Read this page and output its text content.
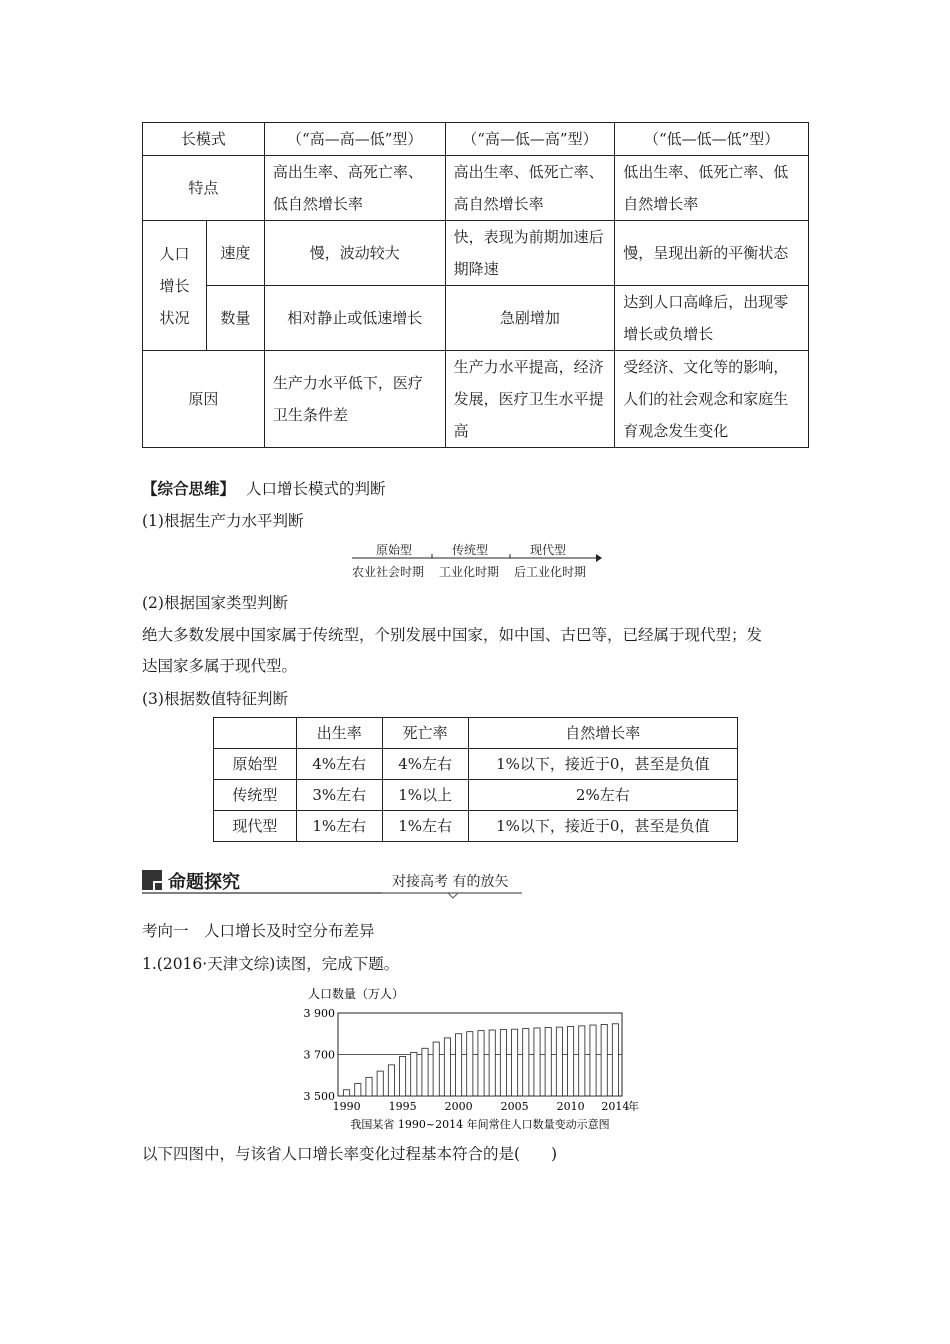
长模式		（“高—高—低”型）	（“高—低—高”型）	（“低—低—低”型）
特点		高出生率、高死亡率、低自然增长率	高出生率、低死亡率、高自然增长率	低出生率、低死亡率、低自然增长率
人口增长状况	速度	慢，波动较大	快，表现为前期加速后期降速	慢，呈现出新的平衡状态
	数量	相对静止或低速增长	急剧增加	达到人口高峰后，出现零增长或负增长
原因		生产力水平低下，医疗卫生条件差	生产力水平提高，经济发展，医疗卫生水平提高	受经济、文化等的影响，人们的社会观念和家庭生育观念发生变化
【综合思维】 人口增长模式的判断
(1)根据生产力水平判断
原始型	传统型	现代型
农业社会时期 工业化时期 后工业化时期
(2)根据国家类型判断
绝大多数发展中国家属于传统型，个别发展中国家，如中国、古巴等，已经属于现代型；发
达国家多属于现代型。
(3)根据数值特征判断
	出生率	死亡率	自然增长率
原始型	4%左右	4%左右	1%以下，接近于0，甚至是负值
传统型	3%左右	1%以上	2%左右
现代型	1%左右	1%左右	1%以下，接近于0，甚至是负值
命题探究	对接高考 有的放矢
考向一　人口增长及时空分布差异
1.(2016·天津文综)读图，完成下题。
3 500
3 700
3 900
人口数量（万人）
1990	1995	2000	2005	2010 2014
年
我国某省 1990~2014 年间常住人口数量变动示意图
以下四图中，与该省人口增长率变化过程基本符合的是(　　)
